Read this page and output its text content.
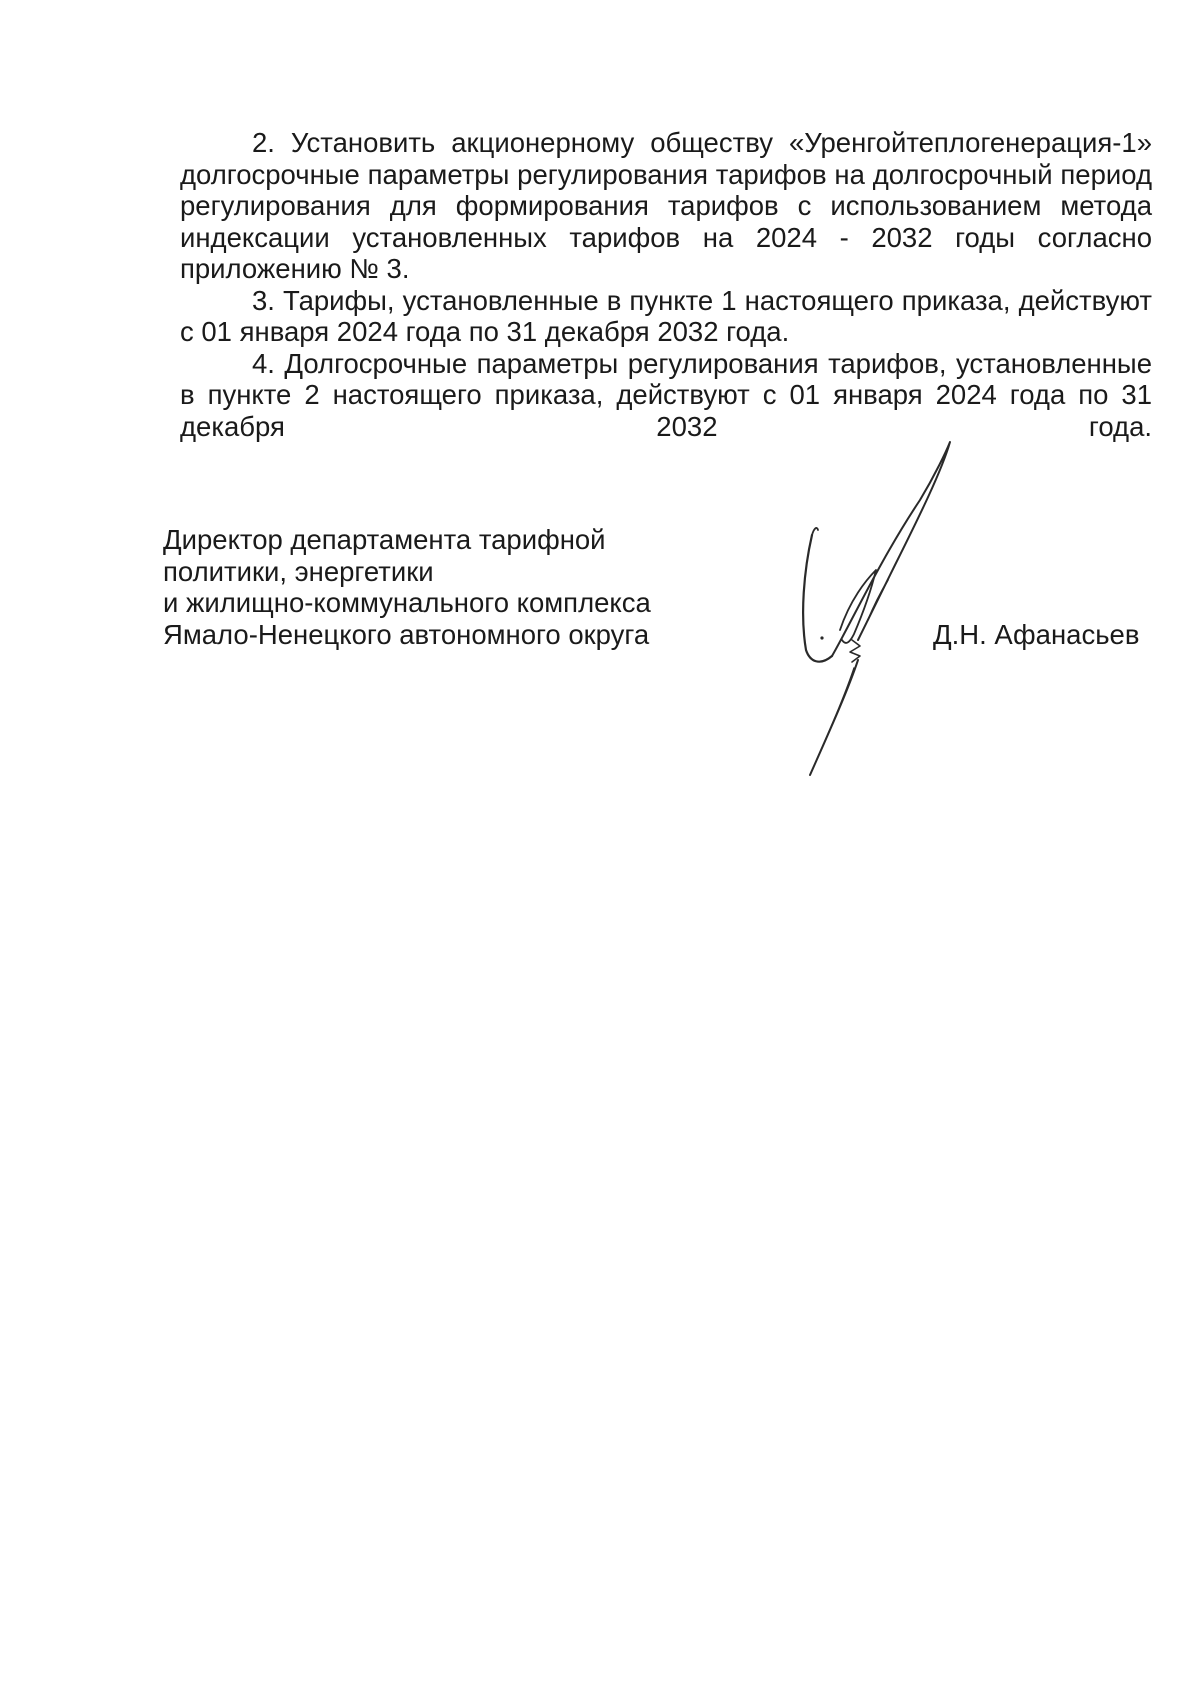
2. Установить акционерному обществу «Уренгойтеплогенерация-1» долгосрочные параметры регулирования тарифов на долгосрочный период регулирования для формирования тарифов с использованием метода индексации установленных тарифов на 2024 - 2032 годы согласно приложению № 3.

3. Тарифы, установленные в пункте 1 настоящего приказа, действуют с 01 января 2024 года по 31 декабря 2032 года.

4. Долгосрочные параметры регулирования тарифов, установленные в пункте 2 настоящего приказа, действуют с 01 января 2024 года по 31 декабря 2032 года.

Директор департамента тарифной
политики, энергетики
и жилищно-коммунального комплекса
Ямало-Ненецкого автономного округа	Д.Н. Афанасьев
